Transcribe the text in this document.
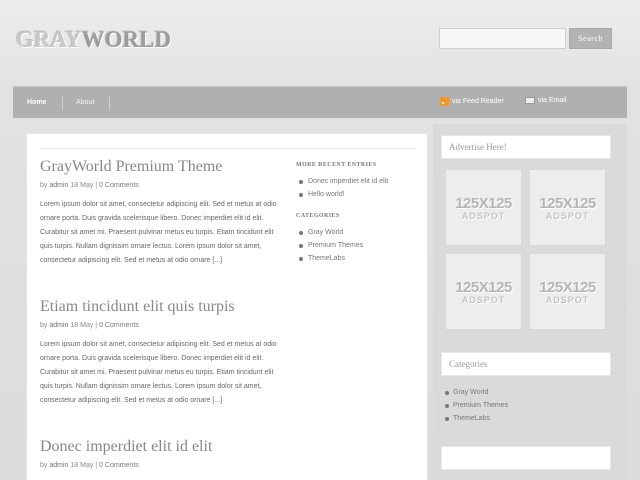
GRAYWORLD	Search
Home	About	via Feed Reader	via Email
GrayWorld Premium Theme
by admin 18 May | 0 Comments
Lorem ipsum dolor sit amet, consectetur adipiscing elit. Sed et metus at odio ornare porta. Duis gravida scelerisque libero. Donec imperdiet elit id elit. Curabitur sit amet mi. Praesent pulvinar metus eu turpis. Etiam tincidunt elit quis turpis. Nullam dignissim ornare lectus. Lorem ipsum dolor sit amet, consectetur adipiscing elit. Sed et metus at odio ornare [...]
Etiam tincidunt elit quis turpis
by admin 18 May | 0 Comments
Lorem ipsum dolor sit amet, consectetur adipiscing elit. Sed et metus at odio ornare porta. Duis gravida scelerisque libero. Donec imperdiet elit id elit. Curabitur sit amet mi. Praesent pulvinar metus eu turpis. Etiam tincidunt elit quis turpis. Nullam dignissim ornare lectus. Lorem ipsum dolor sit amet, consectetur adipiscing elit. Sed et metus at odio ornare [...]
Donec imperdiet elit id elit
by admin 18 May | 0 Comments
MORE RECENT ENTRIES
Donec imperdiet elit id elit
Hello world!
CATEGORIES
Gray World
Premium Themes
ThemeLabs
Advertise Here!
125X125
ADSPOT
125X125
ADSPOT
125X125
ADSPOT
125X125
ADSPOT
Categories
Gray World
Premium Themes
ThemeLabs
